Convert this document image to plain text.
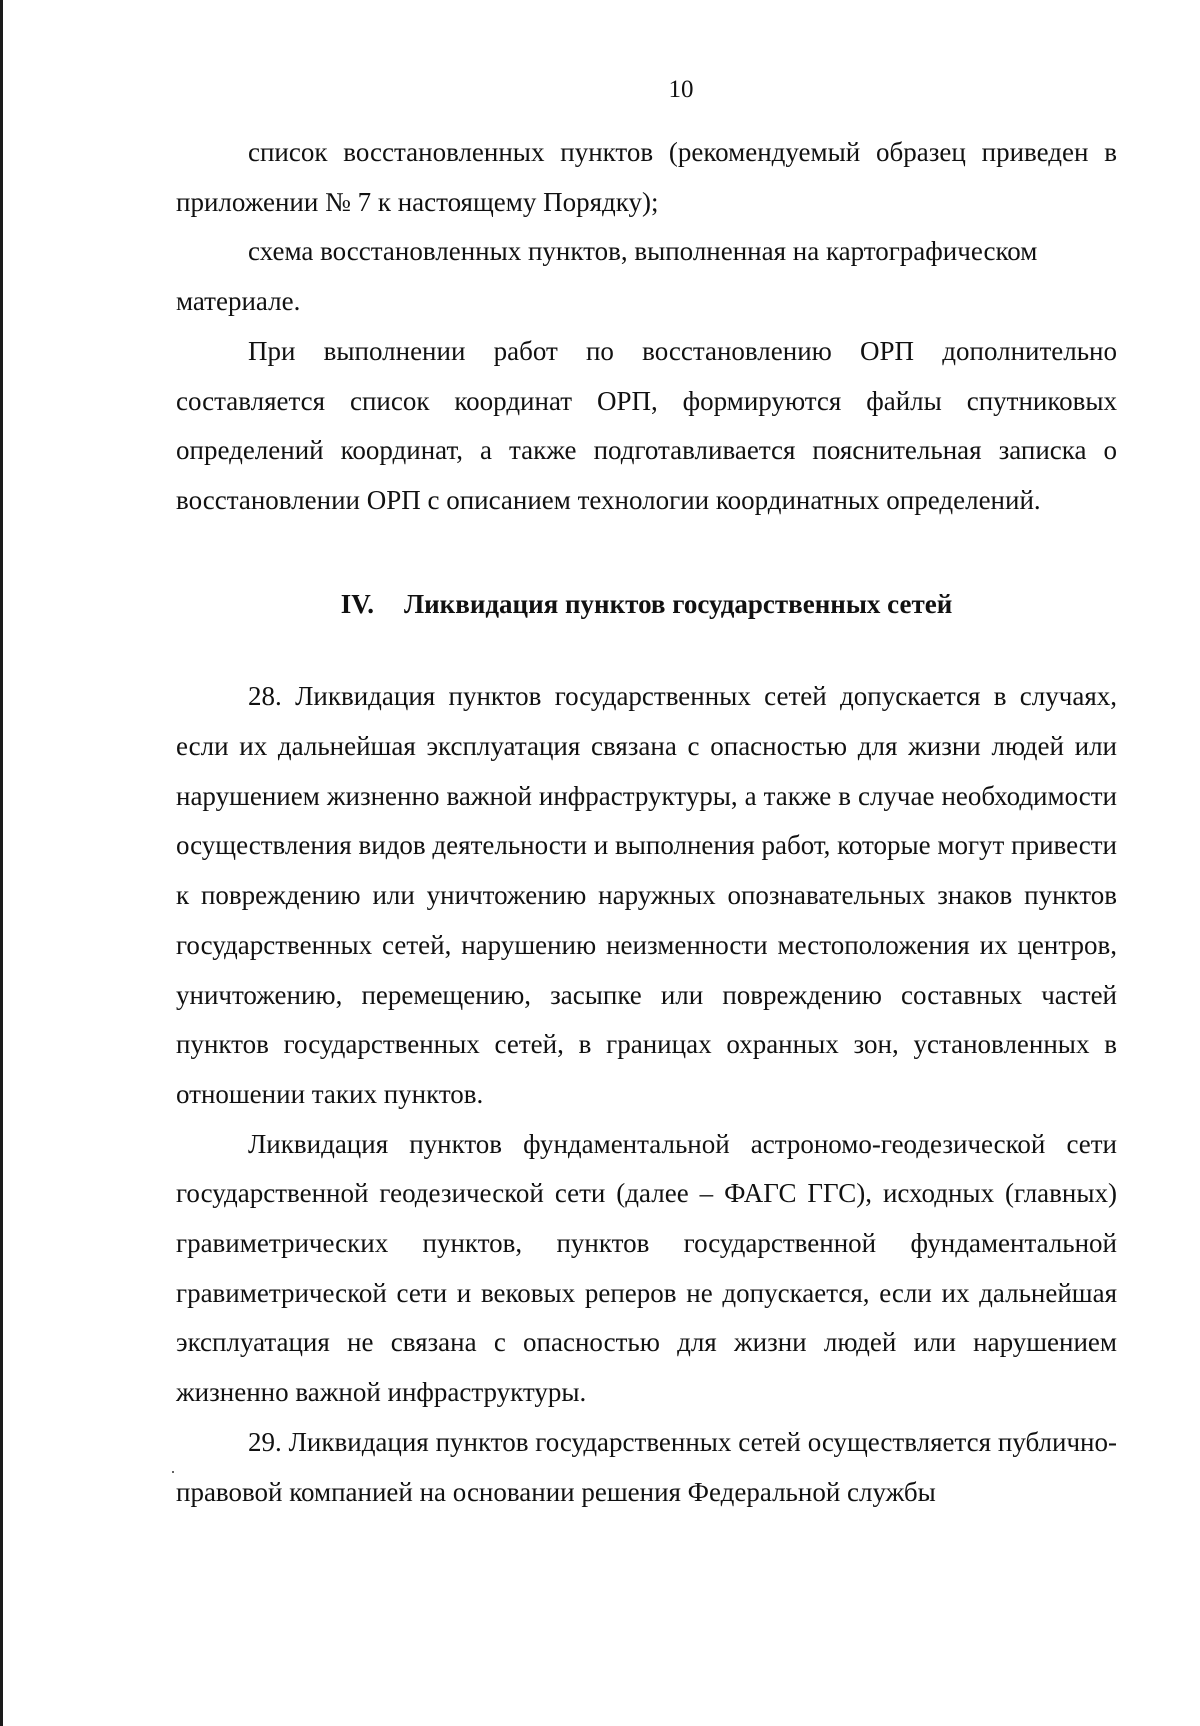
10

список восстановленных пунктов (рекомендуемый образец приведен в приложении № 7 к настоящему Порядку);

схема восстановленных пунктов, выполненная на картографическом материале.

При выполнении работ по восстановлению ОРП дополнительно составляется список координат ОРП, формируются файлы спутниковых определений координат, а также подготавливается пояснительная записка о восстановлении ОРП с описанием технологии координатных определений.

IV. Ликвидация пунктов государственных сетей

28. Ликвидация пунктов государственных сетей допускается в случаях, если их дальнейшая эксплуатация связана с опасностью для жизни людей или нарушением жизненно важной инфраструктуры, а также в случае необходимости осуществления видов деятельности и выполнения работ, которые могут привести к повреждению или уничтожению наружных опознавательных знаков пунктов государственных сетей, нарушению неизменности местоположения их центров, уничтожению, перемещению, засыпке или повреждению составных частей пунктов государственных сетей, в границах охранных зон, установленных в отношении таких пунктов.

Ликвидация пунктов фундаментальной астрономо-геодезической сети государственной геодезической сети (далее – ФАГС ГГС), исходных (главных) гравиметрических пунктов, пунктов государственной фундаментальной гравиметрической сети и вековых реперов не допускается, если их дальнейшая эксплуатация не связана с опасностью для жизни людей или нарушением жизненно важной инфраструктуры.

29. Ликвидация пунктов государственных сетей осуществляется публично-правовой компанией на основании решения Федеральной службы
